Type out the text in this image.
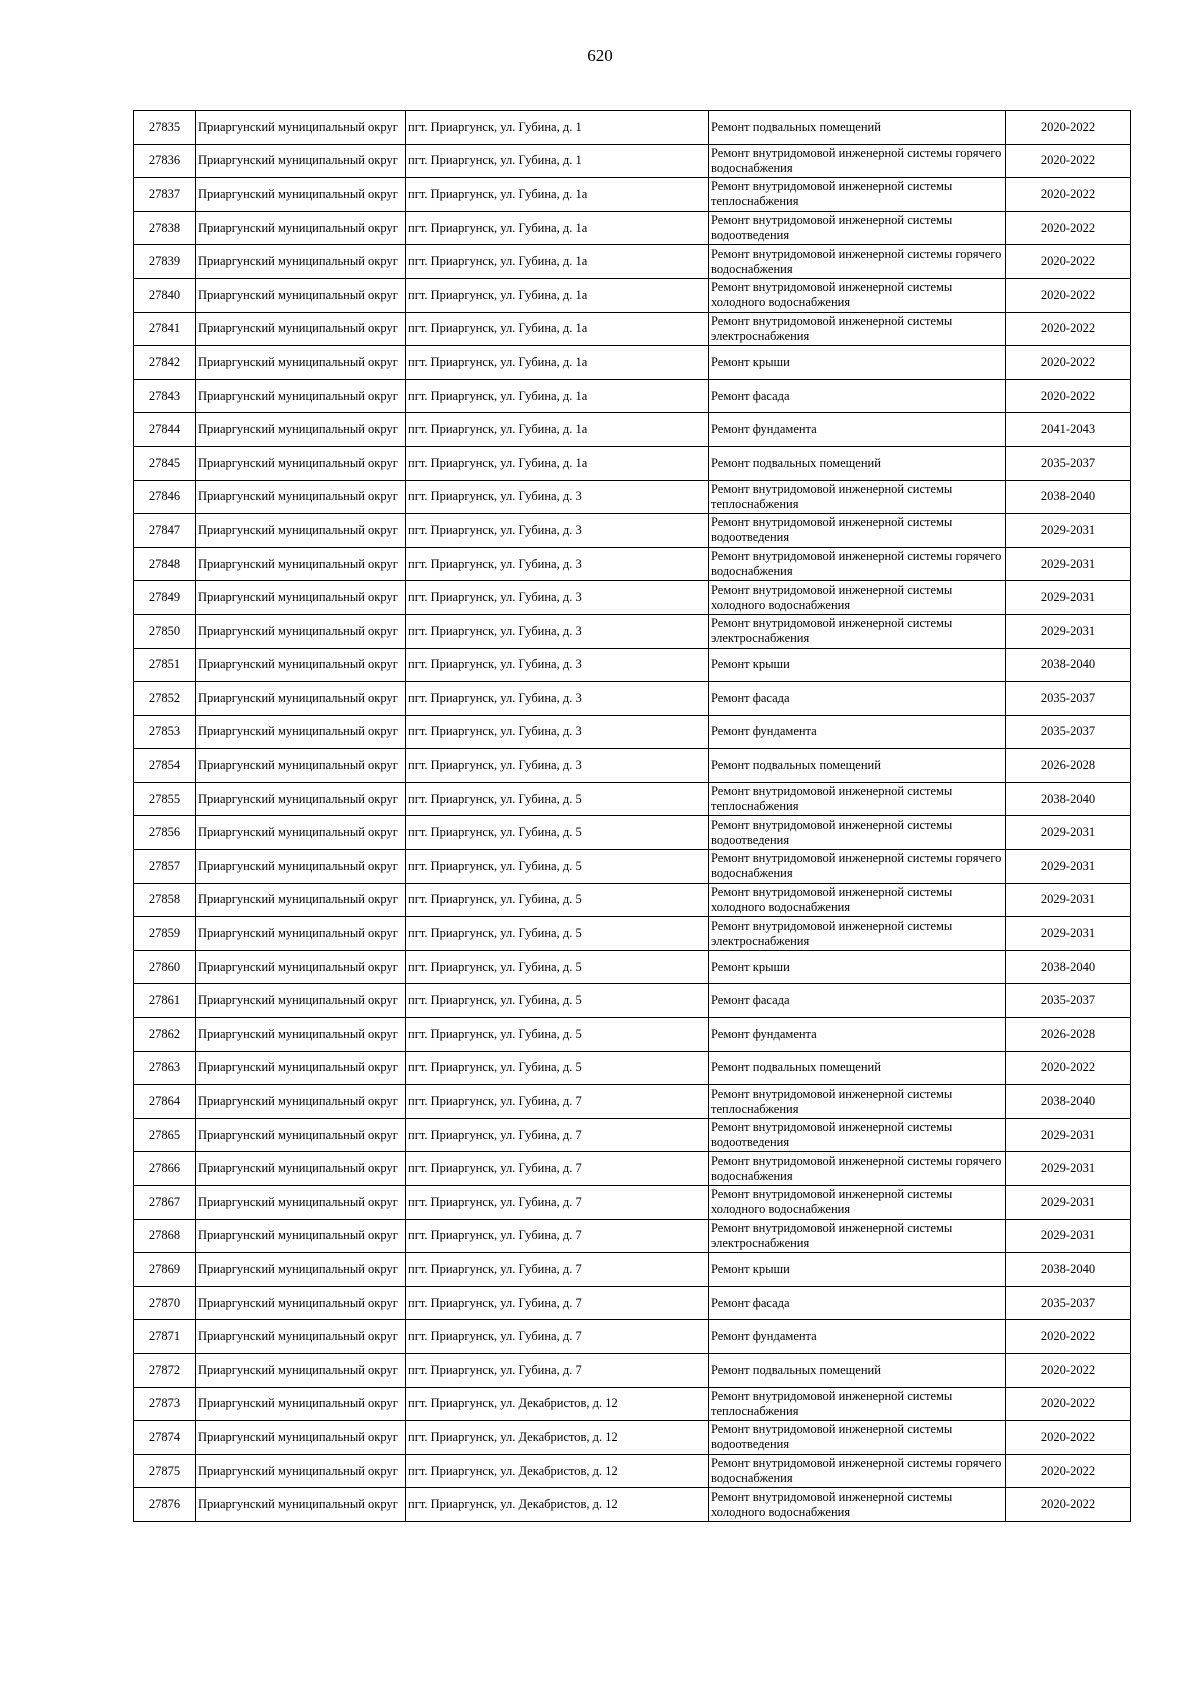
620
27835	Приаргунский муниципальный округ	пгт. Приаргунск, ул. Губина, д. 1	Ремонт подвальных помещений	2020-2022
27836	Приаргунский муниципальный округ	пгт. Приаргунск, ул. Губина, д. 1	Ремонт внутридомовой инженерной системы горячего водоснабжения	2020-2022
27837	Приаргунский муниципальный округ	пгт. Приаргунск, ул. Губина, д. 1а	Ремонт внутридомовой инженерной системы теплоснабжения	2020-2022
27838	Приаргунский муниципальный округ	пгт. Приаргунск, ул. Губина, д. 1а	Ремонт внутридомовой инженерной системы водоотведения	2020-2022
27839	Приаргунский муниципальный округ	пгт. Приаргунск, ул. Губина, д. 1а	Ремонт внутридомовой инженерной системы горячего водоснабжения	2020-2022
27840	Приаргунский муниципальный округ	пгт. Приаргунск, ул. Губина, д. 1а	Ремонт внутридомовой инженерной системы холодного водоснабжения	2020-2022
27841	Приаргунский муниципальный округ	пгт. Приаргунск, ул. Губина, д. 1а	Ремонт внутридомовой инженерной системы электроснабжения	2020-2022
27842	Приаргунский муниципальный округ	пгт. Приаргунск, ул. Губина, д. 1а	Ремонт крыши	2020-2022
27843	Приаргунский муниципальный округ	пгт. Приаргунск, ул. Губина, д. 1а	Ремонт фасада	2020-2022
27844	Приаргунский муниципальный округ	пгт. Приаргунск, ул. Губина, д. 1а	Ремонт фундамента	2041-2043
27845	Приаргунский муниципальный округ	пгт. Приаргунск, ул. Губина, д. 1а	Ремонт подвальных помещений	2035-2037
27846	Приаргунский муниципальный округ	пгт. Приаргунск, ул. Губина, д. 3	Ремонт внутридомовой инженерной системы теплоснабжения	2038-2040
27847	Приаргунский муниципальный округ	пгт. Приаргунск, ул. Губина, д. 3	Ремонт внутридомовой инженерной системы водоотведения	2029-2031
27848	Приаргунский муниципальный округ	пгт. Приаргунск, ул. Губина, д. 3	Ремонт внутридомовой инженерной системы горячего водоснабжения	2029-2031
27849	Приаргунский муниципальный округ	пгт. Приаргунск, ул. Губина, д. 3	Ремонт внутридомовой инженерной системы холодного водоснабжения	2029-2031
27850	Приаргунский муниципальный округ	пгт. Приаргунск, ул. Губина, д. 3	Ремонт внутридомовой инженерной системы электроснабжения	2029-2031
27851	Приаргунский муниципальный округ	пгт. Приаргунск, ул. Губина, д. 3	Ремонт крыши	2038-2040
27852	Приаргунский муниципальный округ	пгт. Приаргунск, ул. Губина, д. 3	Ремонт фасада	2035-2037
27853	Приаргунский муниципальный округ	пгт. Приаргунск, ул. Губина, д. 3	Ремонт фундамента	2035-2037
27854	Приаргунский муниципальный округ	пгт. Приаргунск, ул. Губина, д. 3	Ремонт подвальных помещений	2026-2028
27855	Приаргунский муниципальный округ	пгт. Приаргунск, ул. Губина, д. 5	Ремонт внутридомовой инженерной системы теплоснабжения	2038-2040
27856	Приаргунский муниципальный округ	пгт. Приаргунск, ул. Губина, д. 5	Ремонт внутридомовой инженерной системы водоотведения	2029-2031
27857	Приаргунский муниципальный округ	пгт. Приаргунск, ул. Губина, д. 5	Ремонт внутридомовой инженерной системы горячего водоснабжения	2029-2031
27858	Приаргунский муниципальный округ	пгт. Приаргунск, ул. Губина, д. 5	Ремонт внутридомовой инженерной системы холодного водоснабжения	2029-2031
27859	Приаргунский муниципальный округ	пгт. Приаргунск, ул. Губина, д. 5	Ремонт внутридомовой инженерной системы электроснабжения	2029-2031
27860	Приаргунский муниципальный округ	пгт. Приаргунск, ул. Губина, д. 5	Ремонт крыши	2038-2040
27861	Приаргунский муниципальный округ	пгт. Приаргунск, ул. Губина, д. 5	Ремонт фасада	2035-2037
27862	Приаргунский муниципальный округ	пгт. Приаргунск, ул. Губина, д. 5	Ремонт фундамента	2026-2028
27863	Приаргунский муниципальный округ	пгт. Приаргунск, ул. Губина, д. 5	Ремонт подвальных помещений	2020-2022
27864	Приаргунский муниципальный округ	пгт. Приаргунск, ул. Губина, д. 7	Ремонт внутридомовой инженерной системы теплоснабжения	2038-2040
27865	Приаргунский муниципальный округ	пгт. Приаргунск, ул. Губина, д. 7	Ремонт внутридомовой инженерной системы водоотведения	2029-2031
27866	Приаргунский муниципальный округ	пгт. Приаргунск, ул. Губина, д. 7	Ремонт внутридомовой инженерной системы горячего водоснабжения	2029-2031
27867	Приаргунский муниципальный округ	пгт. Приаргунск, ул. Губина, д. 7	Ремонт внутридомовой инженерной системы холодного водоснабжения	2029-2031
27868	Приаргунский муниципальный округ	пгт. Приаргунск, ул. Губина, д. 7	Ремонт внутридомовой инженерной системы электроснабжения	2029-2031
27869	Приаргунский муниципальный округ	пгт. Приаргунск, ул. Губина, д. 7	Ремонт крыши	2038-2040
27870	Приаргунский муниципальный округ	пгт. Приаргунск, ул. Губина, д. 7	Ремонт фасада	2035-2037
27871	Приаргунский муниципальный округ	пгт. Приаргунск, ул. Губина, д. 7	Ремонт фундамента	2020-2022
27872	Приаргунский муниципальный округ	пгт. Приаргунск, ул. Губина, д. 7	Ремонт подвальных помещений	2020-2022
27873	Приаргунский муниципальный округ	пгт. Приаргунск, ул. Декабристов, д. 12	Ремонт внутридомовой инженерной системы теплоснабжения	2020-2022
27874	Приаргунский муниципальный округ	пгт. Приаргунск, ул. Декабристов, д. 12	Ремонт внутридомовой инженерной системы водоотведения	2020-2022
27875	Приаргунский муниципальный округ	пгт. Приаргунск, ул. Декабристов, д. 12	Ремонт внутридомовой инженерной системы горячего водоснабжения	2020-2022
27876	Приаргунский муниципальный округ	пгт. Приаргунск, ул. Декабристов, д. 12	Ремонт внутридомовой инженерной системы холодного водоснабжения	2020-2022
